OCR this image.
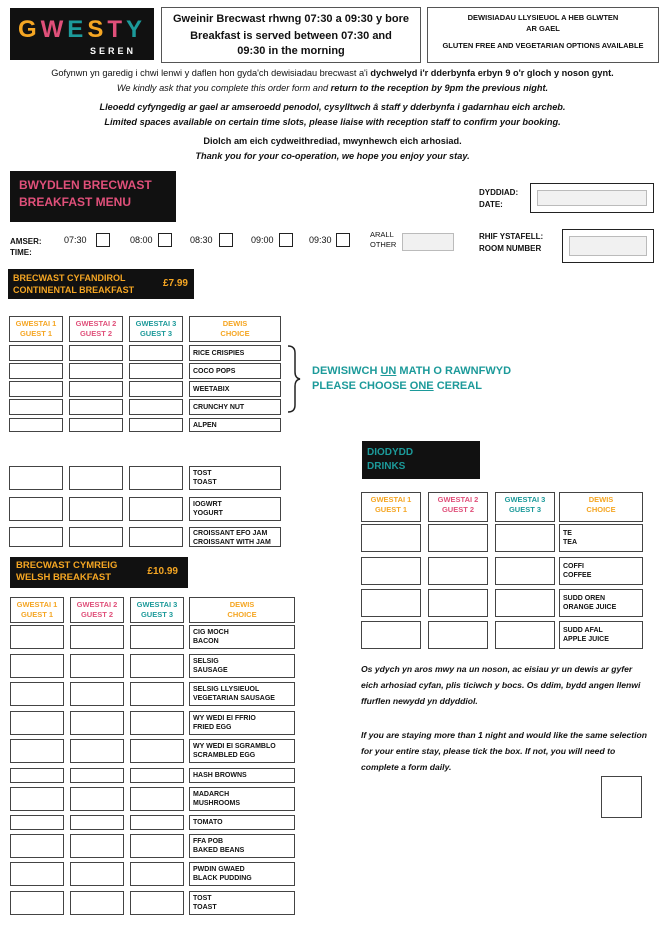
GWESTY
SEREN
Gweinir Brecwast rhwng 07:30 a 09:30 y bore
Breakfast is served between 07:30 and
09:30 in the morning
DEWISIADAU LLYSIEUOL A HEB GLWTEN
AR GAEL
GLUTEN FREE AND VEGETARIAN OPTIONS AVAILABLE
Gofynwn yn garedig i chwi lenwi y daflen hon gyda'ch dewisiadau brecwast a'i dychwelyd i'r dderbynfa erbyn 9 o'r gloch y noson gynt.
We kindly ask that you complete this order form and return to the reception by 9pm the previous night.
Lleoedd cyfyngedig ar gael ar amseroedd penodol, cysylltwch â staff y dderbynfa i gadarnhau eich archeb.
Limited spaces available on certain time slots, please liaise with reception staff to confirm your booking.
Diolch am eich cydweithrediad, mwynhewch eich arhosiad.
Thank you for your co-operation, we hope you enjoy your stay.
BWYDLEN BRECWAST
BREAKFAST MENU
DYDDIAD:
DATE:
RHIF YSTAFELL:
ROOM NUMBER
AMSER:
TIME:
07:30	08:00	08:30	09:00	09:30
ARALL
OTHER
BRECWAST CYFANDIROL
CONTINENTAL BREAKFAST
£7.99
GWESTAI 1
GUEST 1
GWESTAI 2
GUEST 2
GWESTAI 3
GUEST 3
DEWIS
CHOICE
RICE CRISPIES
COCO POPS
WEETABIX
CRUNCHY NUT
ALPEN
TOST
TOAST
IOGWRT
YOGURT
CROISSANT EFO JAM
CROISSANT WITH JAM
DEWISIWCH UN MATH O RAWNFWYD
PLEASE CHOOSE ONE CEREAL
BRECWAST CYMREIG
WELSH BREAKFAST
£10.99
GWESTAI 1
GUEST 1
GWESTAI 2
GUEST 2
GWESTAI 3
GUEST 3
DEWIS
CHOICE
CIG MOCH
BACON
SELSIG
SAUSAGE
SELSIG LLYSIEUOL
VEGETARIAN SAUSAGE
WY WEDI EI FFRIO
FRIED EGG
WY WEDI EI SGRAMBLO
SCRAMBLED EGG
HASH BROWNS
MADARCH
MUSHROOMS
TOMATO
FFA POB
BAKED BEANS
PWDIN GWAED
BLACK PUDDING
TOST
TOAST
DIODYDD
DRINKS
GWESTAI 1
GUEST 1
GWESTAI 2
GUEST 2
GWESTAI 3
GUEST 3
DEWIS
CHOICE
TE
TEA
COFFI
COFFEE
SUDD OREN
ORANGE JUICE
SUDD AFAL
APPLE JUICE
Os ydych yn aros mwy na un noson, ac eisiau yr un dewis ar gyfer eich arhosiad cyfan, plis ticiwch y bocs. Os ddim, bydd angen llenwi ffurflen newydd yn ddyddiol.
If you are staying more than 1 night and would like the same selection for your entire stay, please tick the box. If not, you will need to complete a form daily.
